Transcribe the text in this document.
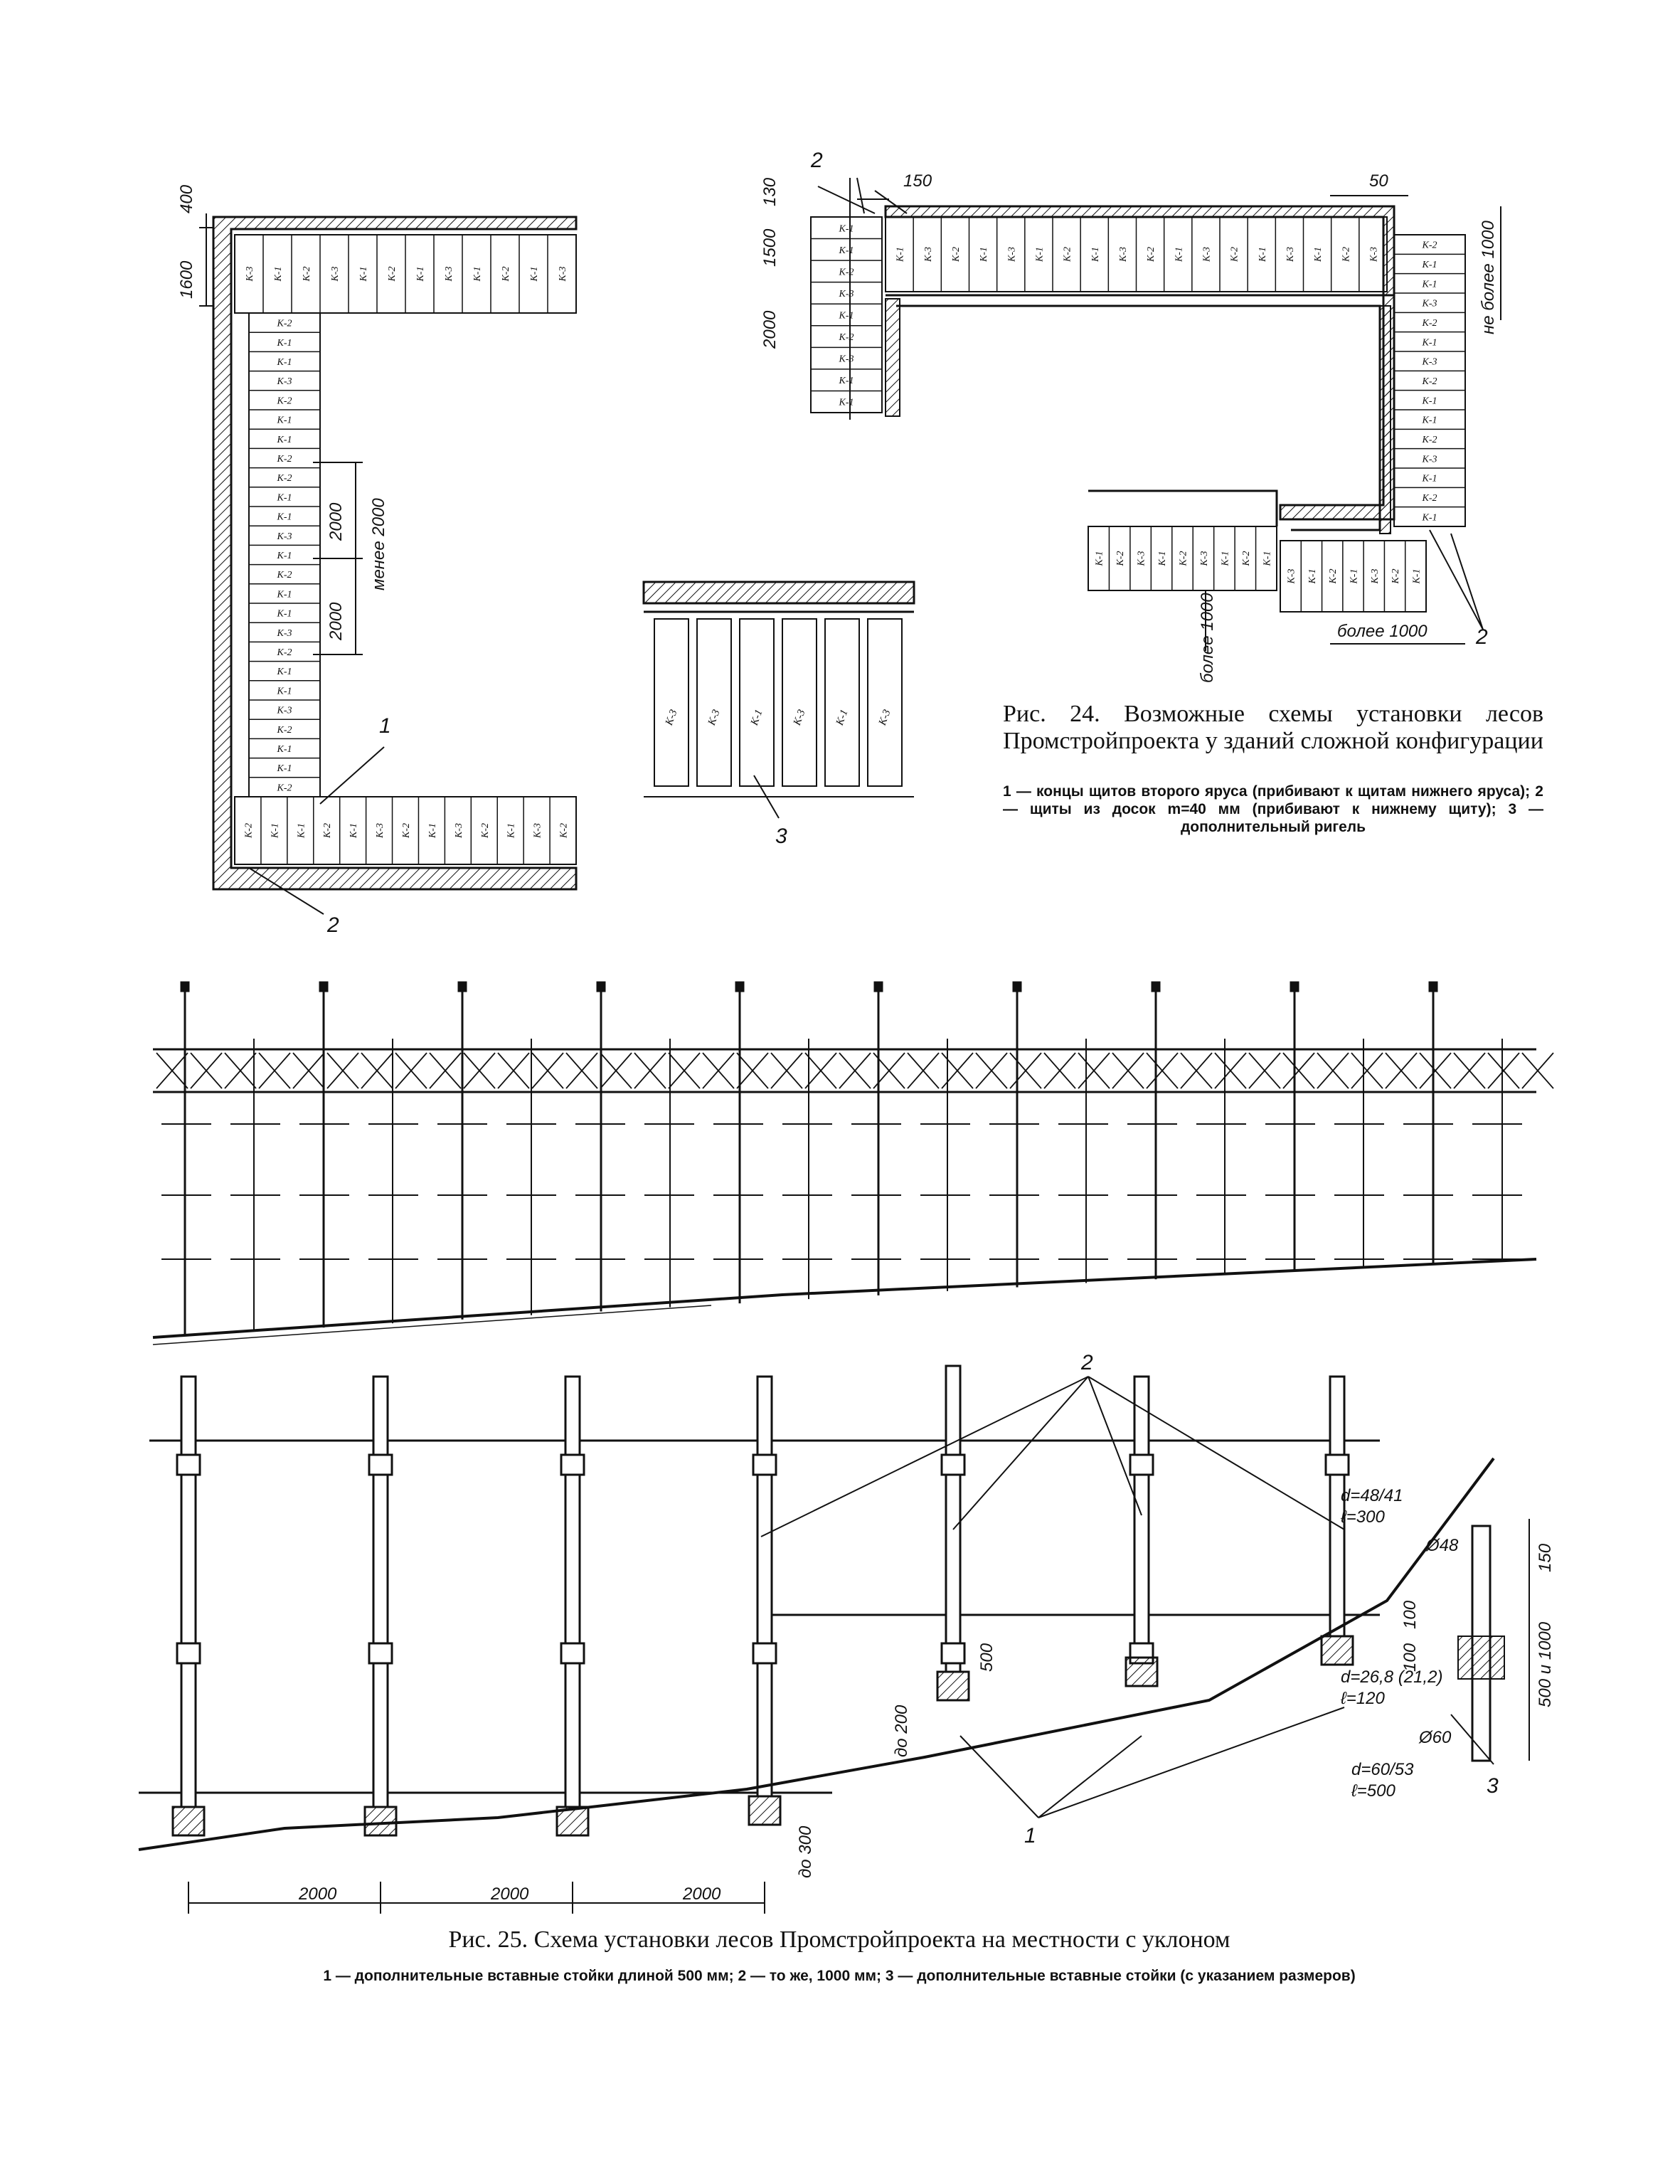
К-3 К-1 К-2 К-3 К-1 К-2 К-1 К-3 К-1 К-2 К-1 К-3
К-2
К-1
К-1
К-3
К-2
К-1
К-1
К-2
К-2
К-1
К-1
К-3
К-1
К-2
К-1
К-1
К-3
К-2
К-1
К-1
К-3
К-2
К-1
К-1
К-2
К-2 К-1 К-1 К-2 К-1 К-3 К-2 К-1 К-3 К-2 К-1 К-3 К-2
К-1 К-3 К-2 К-1 К-3 К-1 К-2 К-1 К-3 К-2 К-1 К-3 К-2 К-1 К-3 К-1 К-2 К-3
К-1
К-1
К-2
К-3
К-1
К-2
К-3
К-1
К-1
К-2
К-1
К-1
К-3
К-2
К-1
К-3
К-2
К-1
К-1
К-2
К-3
К-1
К-2
К-1
К-1 К-2 К-3 К-1 К-2 К-3 К-1 К-2 К-1
К-3 К-1 К-2 К-1 К-3 К-2 К-1
К-3 К-3 К-1 К-3 К-1 К-3
400
1600
2000
2000
менее 2000
1
2
2
150	50
130
1500
2000	не более 1000
более 1000	более 1000 2
3
2
1
3
2000	2000	2000
до 200
500
до 300
100
100
150
500 и 1000
d=48/41
ℓ=300
d=26,8 (21,2)
ℓ=120
d=60/53
ℓ=500
Ø48
Ø60
Рис. 24. Возможные схемы установки лесов Промстройпроекта у зданий сложной конфигурации
1 — концы щитов второго яруса (прибивают к щитам нижнего яруса); 2 — щиты из досок m=40 мм (прибивают к нижнему щиту); 3 — дополнительный ригель
Рис. 25. Схема установки лесов Промстройпроекта на местности с уклоном
1 — дополнительные вставные стойки длиной 500 мм; 2 — то же, 1000 мм; 3 — дополнительные вставные стойки (с указанием размеров)
